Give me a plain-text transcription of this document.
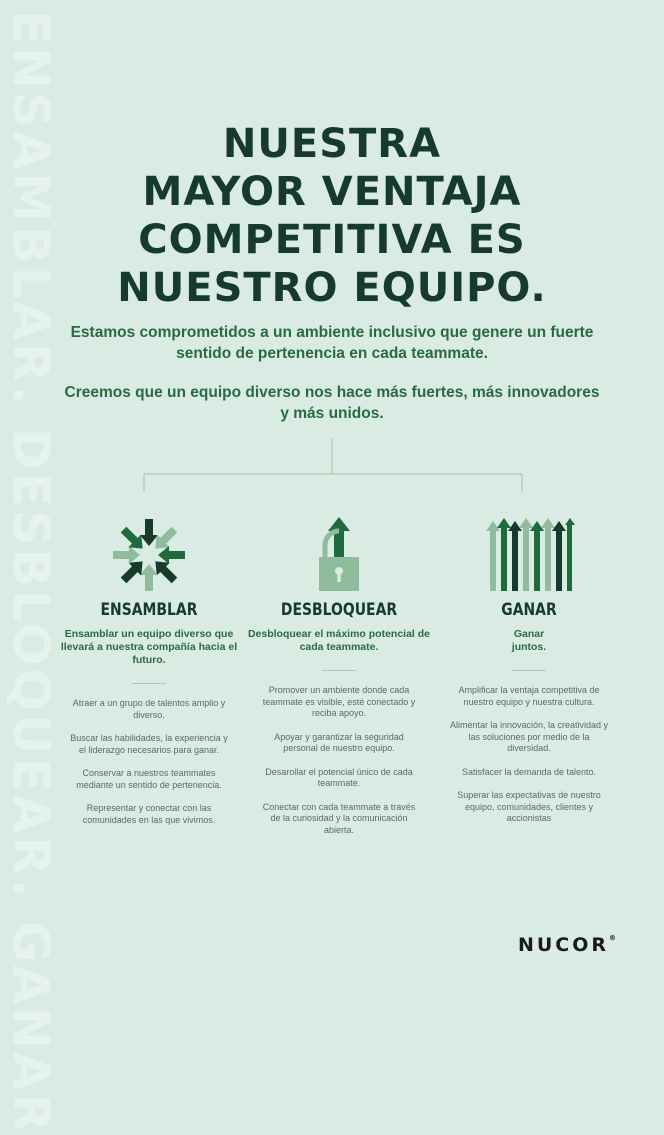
ENSAMBLAR. DESBLOQUEAR. GANAR	NUESTRA
MAYOR VENTAJA
COMPETITIVA ES
NUESTRO EQUIPO.
Estamos comprometidos a un ambiente inclusivo que genere un fuerte sentido de pertenencia en cada teammate.
Creemos que un equipo diverso nos hace más fuertes, más innovadores y más unidos.
ENSAMBLAR
Ensamblar un equipo diverso que llevará a nuestra compañía hacia el futuro.
Atraer a un grupo de talentos amplio y diverso.
Buscar las habilidades, la experiencia y el liderazgo necesarios para ganar.
Conservar a nuestros teammates mediante un sentido de pertenencia.
Representar y conectar con las comunidades en las que vivimos.
DESBLOQUEAR
Desbloquear el máximo potencial de cada teammate.
Promover un ambiente donde cada teammate es visible, esté conectado y reciba apoyo.
Apoyar y garantizar la seguridad personal de nuestro equipo.
Desarollar el potencial único de cada teammate.
Conectar con cada teammate a través de la curiosidad y la comunicación abierta.
GANAR
Ganar juntos.
Amplificar la ventaja competitiva de nuestro equipo y nuestra cultura.
Alimentar la innovación, la creatividad y las soluciones por medio de la diversidad.
Satisfacer la demanda de talento.
Superar las expectativas de nuestro equipo, comunidades, clientes y accionistas
NUCOR®
